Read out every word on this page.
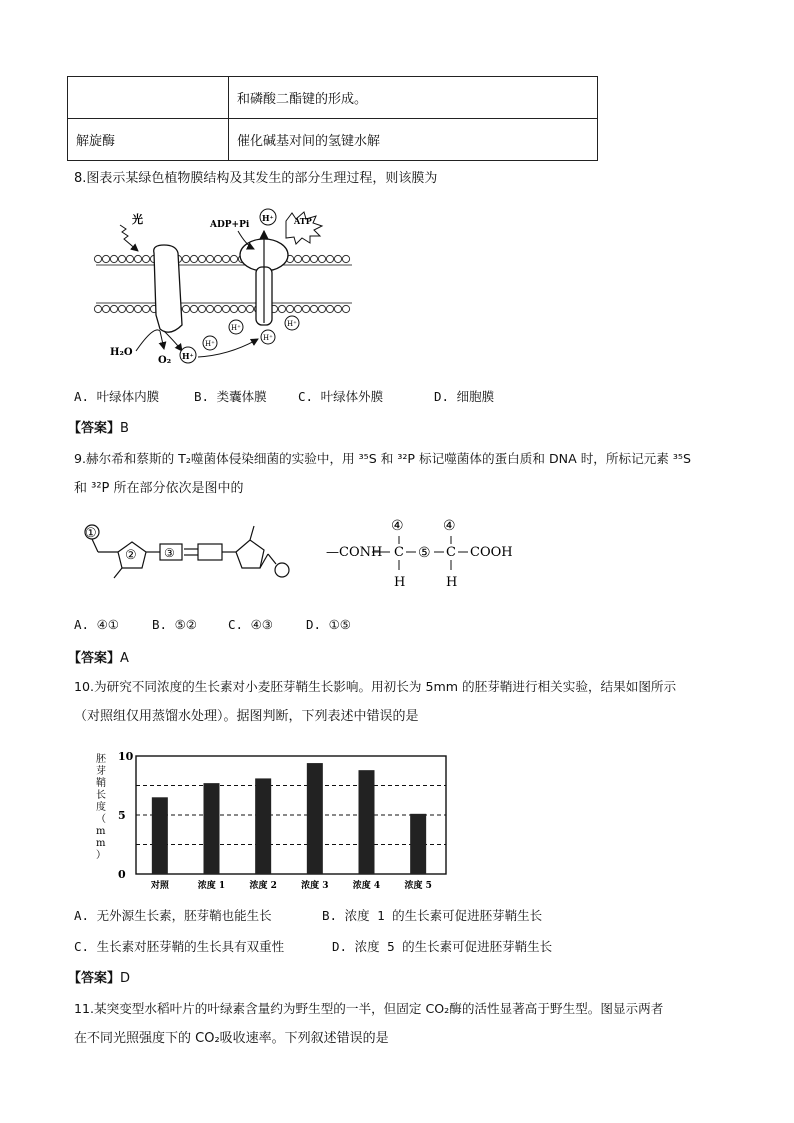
	和磷酸二酯键的形成。
解旋酶	催化碱基对间的氢键水解
8.图表示某绿色植物膜结构及其发生的部分生理过程，则该膜为
光	ADP+Pi
H⁺	ATP
H₂O
O₂ H⁺
H⁺
H⁺
H⁺
H⁺
A. 叶绿体内膜	B. 类囊体膜	C. 叶绿体外膜	D. 细胞膜
【答案】B
9.赫尔希和蔡斯的 T₂噬菌体侵染细菌的实验中，用 ³⁵S 和 ³²P 标记噬菌体的蛋白质和 DNA 时，所标记元素 ³⁵S
和 ³²P 所在部分依次是图中的
①
② ③	—CONH C
④
H
⑤ C
④
H
COOH
A. ④①	B. ⑤② C. ④③	D. ①⑤
【答案】A
10.为研究不同浓度的生长素对小麦胚芽鞘生长影响。用初长为 5mm 的胚芽鞘进行相关实验，结果如图所示
（对照组仅用蒸馏水处理）。据图判断，下列表述中错误的是
胚芽鞘长度（ m m ）
0
5
10
对照	浓度 1	浓度 2	浓度 3	浓度 4	浓度 5
A. 无外源生长素，胚芽鞘也能生长	B. 浓度 1 的生长素可促进胚芽鞘生长
C. 生长素对胚芽鞘的生长具有双重性	D. 浓度 5 的生长素可促进胚芽鞘生长
【答案】D
11.某突变型水稻叶片的叶绿素含量约为野生型的一半，但固定 CO₂酶的活性显著高于野生型。图显示两者
在不同光照强度下的 CO₂吸收速率。下列叙述错误的是
